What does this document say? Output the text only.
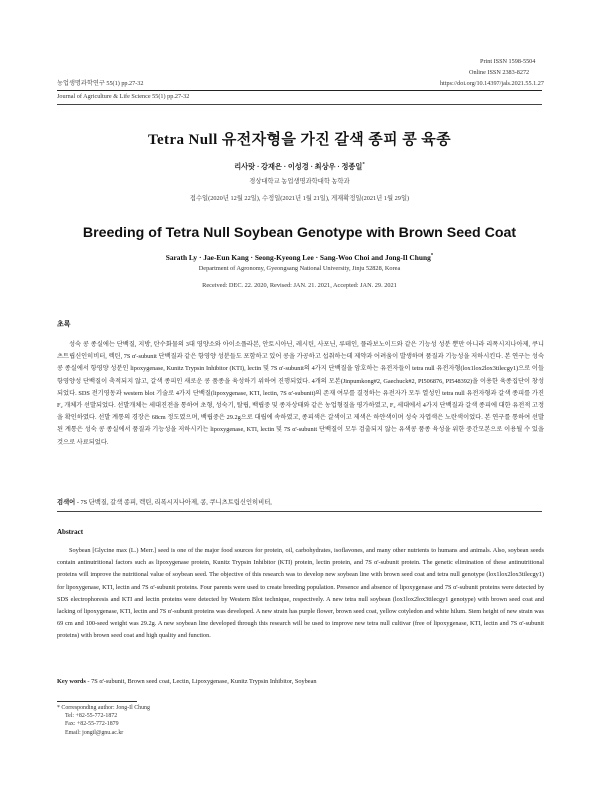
Print ISSN 1598-5504
Online ISSN 2383-8272
농업생명과학연구 55(1) pp.27-32	https://doi.org/10.14397/jals.2021.55.1.27
Journal of Agriculture & Life Science 55(1) pp.27-32
Tetra Null 유전자형을 가진 갈색 종피 콩 육종
리사랏 · 강재은 · 이성경 · 최상우 · 정종일*
경상대학교 농업생명과학대학 농학과
접수일(2020년 12월 22일), 수정일(2021년 1월 21일), 게재확정일(2021년 1월 29일)
Breeding of Tetra Null Soybean Genotype with Brown Seed Coat
Sarath Ly · Jae-Eun Kang · Seong-Kyeong Lee · Sang-Woo Choi and Jong-Il Chung*
Department of Agronomy, Gyeongsang National University, Jinju 52828, Korea
Received: DEC. 22. 2020, Revised: JAN. 21. 2021, Accepted: JAN. 29. 2021
초록
성숙 콩 종실에는 단백질, 지방, 탄수화물의 3대 영양소와 아이소플라본, 안토시아닌, 레시틴, 사포닌, 루테인, 플라보노이드와 같은 기능성 성분 뿐만 아니라 리폭시지나아제, 쿠니츠트립신인히비터, 렉틴, 7S α'-subunit 단백질과 같은 항영양 성분들도 포함하고 있어 콩을 가공하고 섭취하는데 제약과 어려움이 발생하며 품질과 기능성을 저하시킨다. 본 연구는 성숙 콩 종실에서 항영양 성분인 lipoxygenase, Kunitz Trypsin Inhibitor (KTI), lectin 및 7S α'-subunit의 4가지 단백질을 암호하는 유전자들이 tetra null 유전자형(lox1lox2lox3tilecgy1)으로 이들 항영양성 단백질이 축적되지 않고, 갈색 종피인 새로운 콩 품종을 육성하기 위하여 진행되었다. 4개의 모본(Jinpumkong#2, Gaechuck#2, PI506876, PI548392)을 이용한 육종집단이 창성되었다. SDS 전기영동과 western blot 기술로 4가지 단백질(lipoxygenase, KTI, lectin, 7S α'-subunit)의 존재 여부를 결정하는 유전자가 모두 열성인 tetra null 유전자형과 갈색 종피를 가진 F₂ 개체가 선발되었다. 선발개체는 세대진전을 통하여 초형, 성숙기, 탈립, 백립중 및 종자상태와 같은 농업형질을 평가하였고, F₂ 세대에서 4가지 단백질과 갈색 종피에 대한 유전적 고정을 확인하였다. 선발 계통의 경장은 68cm 정도였으며, 백립중은 29.2g으로 대립에 속하였고, 종피색은 갈색이고 제색은 하얀색이며 성숙 자엽색은 노란색이었다. 본 연구를 통하여 선발된 계통은 성숙 콩 종실에서 품질과 기능성을 저하시키는 lipoxygenase, KTI, lectin 및 7S α'-subunit 단백질이 모두 검출되지 않는 유색콩 품종 육성을 위한 중간모본으로 이용될 수 있을 것으로 사료되었다.
검색어 - 7S 단백질, 갈색 종피, 렉틴, 리폭시지나아제, 콩, 쿠니츠트립신인히비터,
Abstract
Soybean [Glycine max (L.) Merr.] seed is one of the major food sources for protein, oil, carbohydrates, isoflavones, and many other nutrients to humans and animals. Also, soybean seeds contain antinutritional factors such as lipoxygenase protein, Kunitz Trypsin Inhibitor (KTI) protein, lectin protein, and 7S α'-subunit protein. The genetic elimination of these antinutritional proteins will improve the nutritional value of soybean seed. The objective of this research was to develop new soybean line with brown seed coat and tetra null genotype (lox1lox2lox3tilecgy1) for lipoxygenase, KTI, lectin and 7S α'-subunit proteins. Four parents were used to create breeding population. Presence and absence of lipoxygenase and 7S α'-subunit proteins were detected by SDS electrophoresis and KTI and lectin proteins were detected by Western Blot technique, respectively. A new tetra null soybean (lox1lox2lox3tilecgy1 genotype) with brown seed coat and lacking of lipoxygenase, KTI, lectin and 7S α'-subunit proteins was developed. A new strain has purple flower, brown seed coat, yellow cotyledon and white hilum. Stem height of new strain was 69 cm and 100-seed weight was 29.2g. A new soybean line developed through this research will be used to improve new tetra null cultivar (free of lipoxygenase, KTI, lectin and 7S α'-subunit proteins) with brown seed coat and high quality and function.
Key words - 7S α'-subunit, Brown seed coat, Lectin, Lipoxygenase, Kunitz Trypsin Inhibitor, Soybean
* Corresponding author: Jong-Il Chung
Tel: +82-55-772-1872
Fax: +82-55-772-1879
Email: jongil@gnu.ac.kr
